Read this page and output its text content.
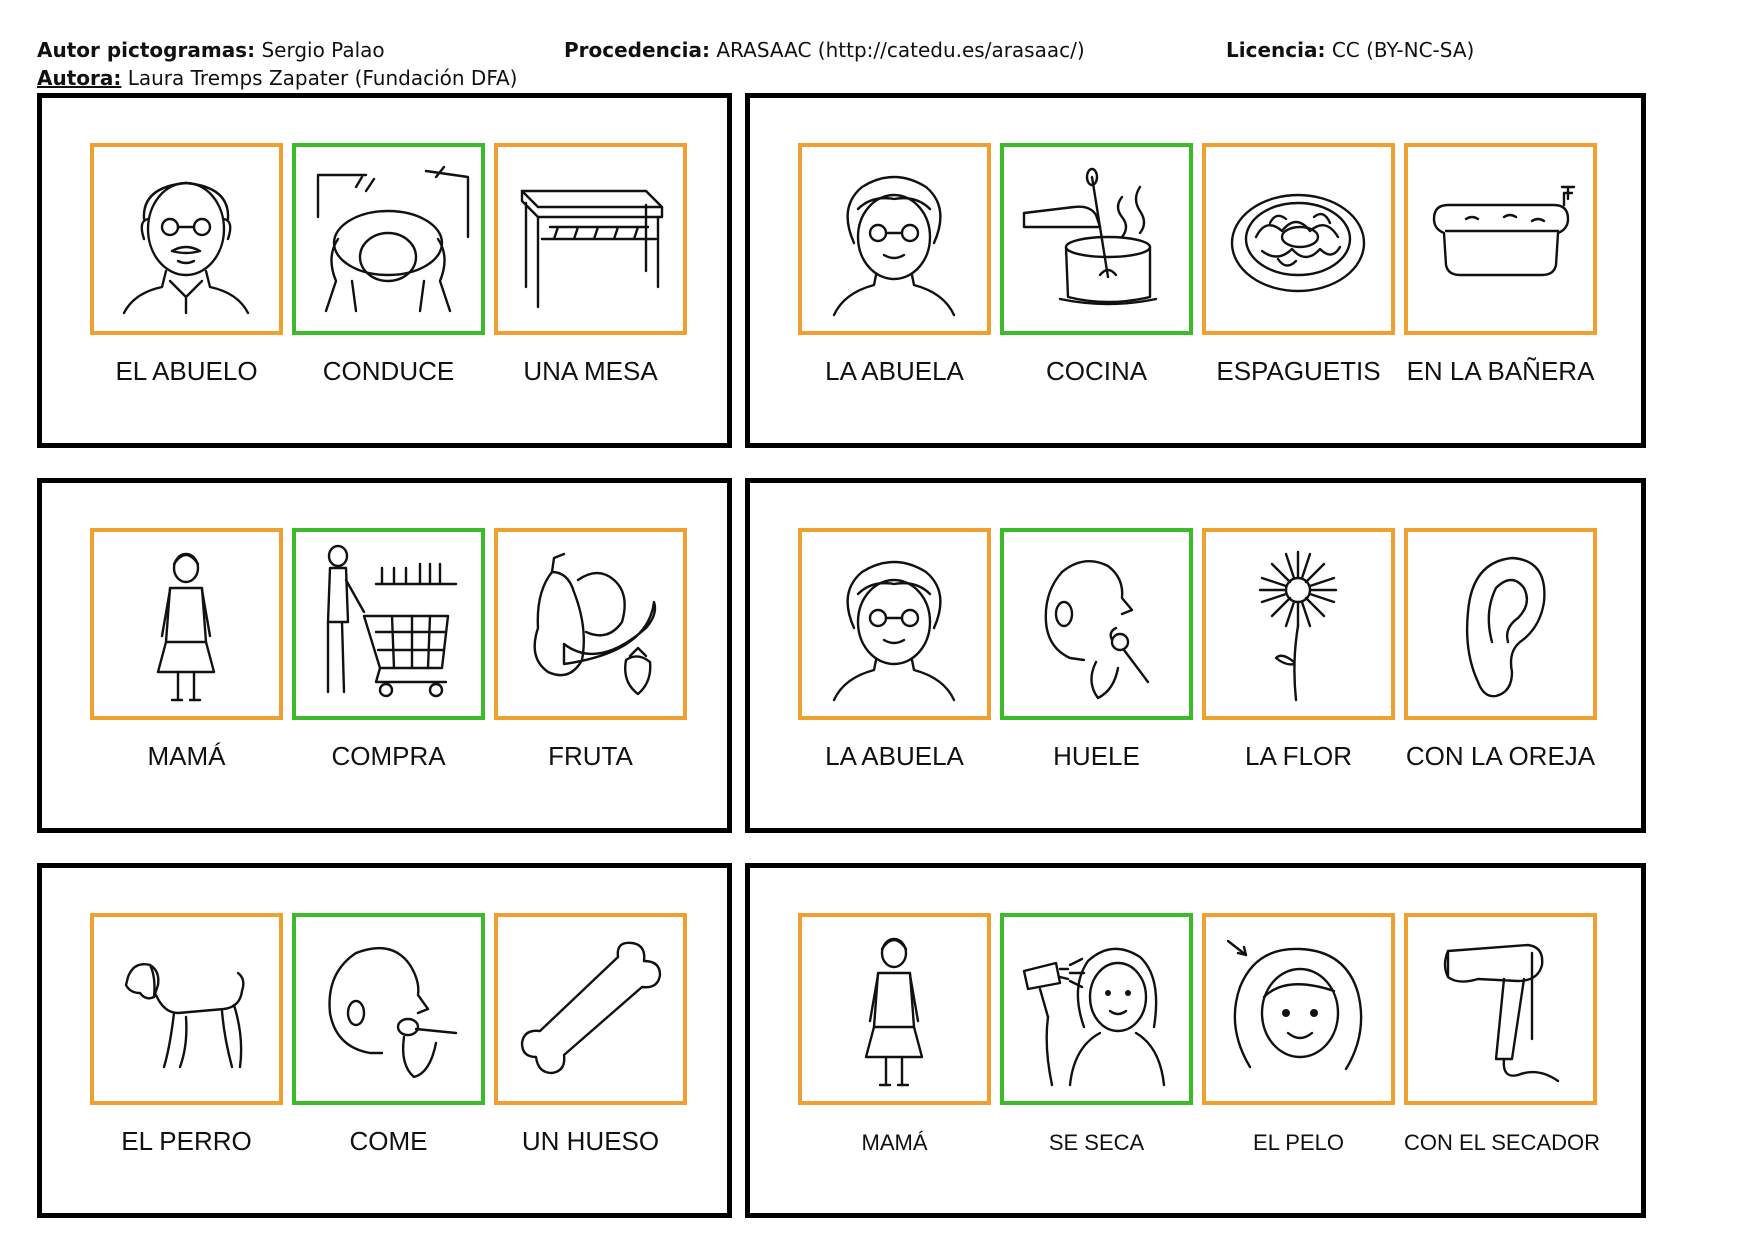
Autor pictogramas: Sergio Palao	Procedencia: ARASAAC (http://catedu.es/arasaac/)	Licencia: CC (BY-NC-SA)
Autora: Laura Tremps Zapater (Fundación DFA)
EL ABUELO	CONDUCE	UNA MESA	LA ABUELA	COCINA	ESPAGUETIS EN LA BAÑERA
MAMÁ	COMPRA	FRUTA	LA ABUELA	HUELE	LA FLOR	CON LA OREJA
EL PERRO	COME	UN HUESO	MAMÁ	SE SECA	EL PELO	CON EL SECADOR
